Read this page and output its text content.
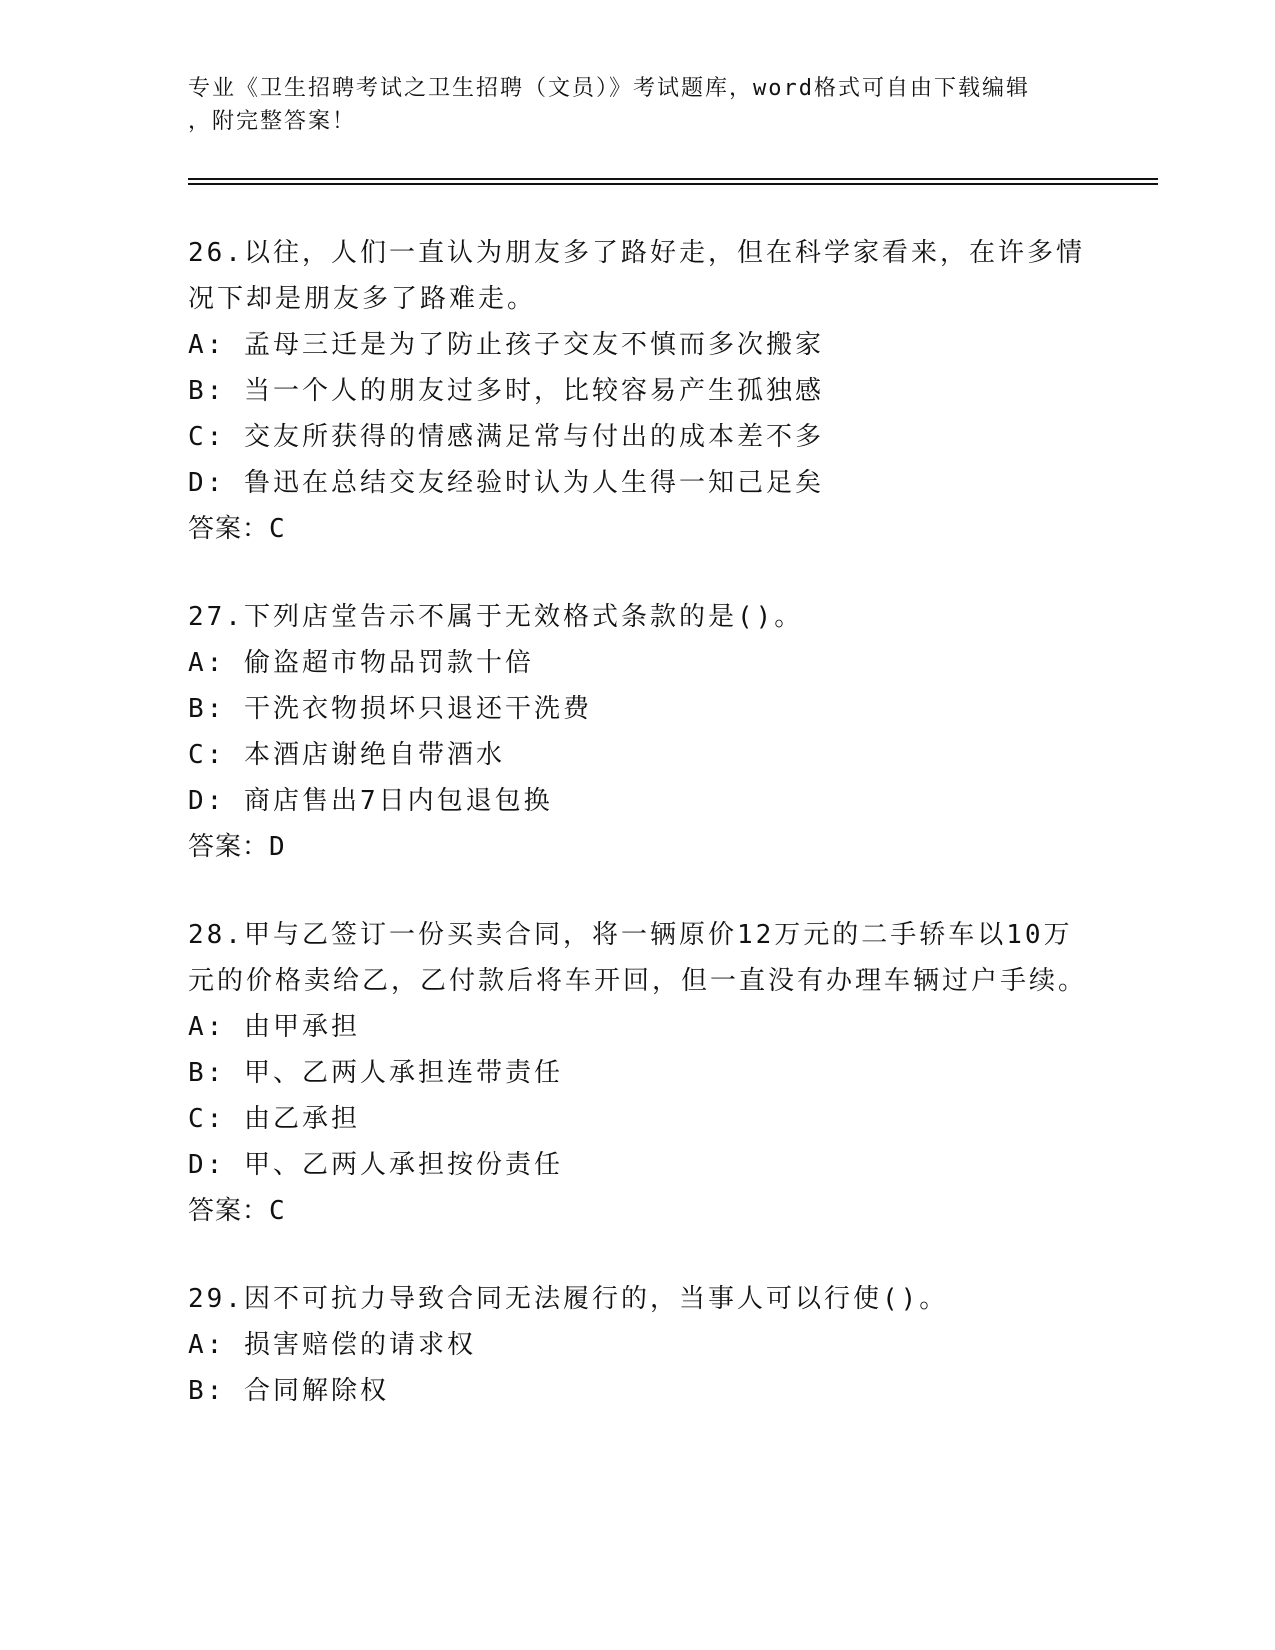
专业《卫生招聘考试之卫生招聘（文员）》考试题库，word格式可自由下载编辑
，附完整答案！

26.以往，人们一直认为朋友多了路好走，但在科学家看来，在许多情况下却是朋友多了路难走。

A: 孟母三迁是为了防止孩子交友不慎而多次搬家

B: 当一个人的朋友过多时，比较容易产生孤独感

C: 交友所获得的情感满足常与付出的成本差不多

D: 鲁迅在总结交友经验时认为人生得一知己足矣

答案：C

27.下列店堂告示不属于无效格式条款的是()。

A: 偷盗超市物品罚款十倍

B: 干洗衣物损坏只退还干洗费

C: 本酒店谢绝自带酒水

D: 商店售出7日内包退包换

答案：D

28.甲与乙签订一份买卖合同，将一辆原价12万元的二手轿车以10万元的价格卖给乙，乙付款后将车开回，但一直没有办理车辆过户手续。

A: 由甲承担

B: 甲、乙两人承担连带责任

C: 由乙承担

D: 甲、乙两人承担按份责任

答案：C

29.因不可抗力导致合同无法履行的，当事人可以行使()。

A: 损害赔偿的请求权

B: 合同解除权
